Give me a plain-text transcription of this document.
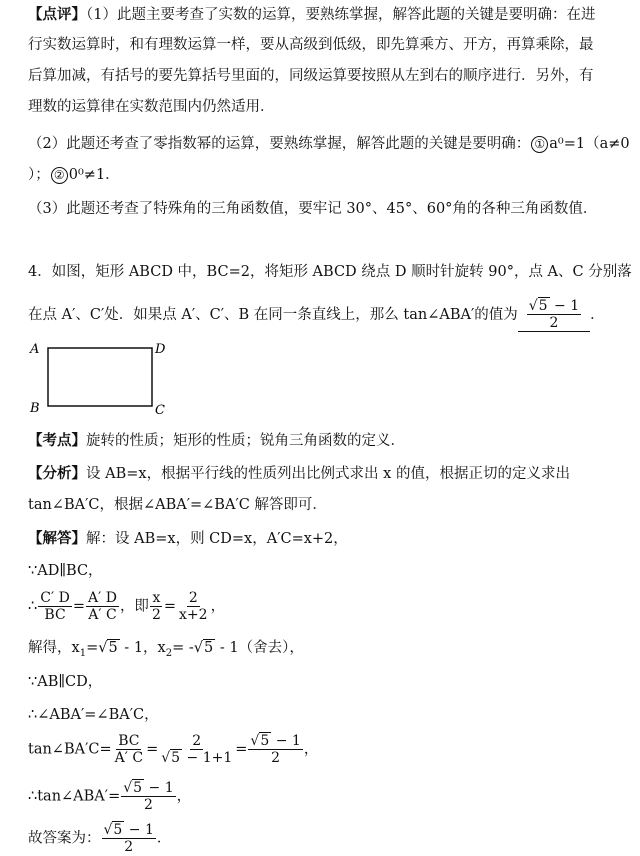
【点评】（1）此题主要考查了实数的运算，要熟练掌握，解答此题的关键是要明确：在进
行实数运算时，和有理数运算一样，要从高级到低级，即先算乘方、开方，再算乘除，最
后算加减，有括号的要先算括号里面的，同级运算要按照从左到右的顺序进行．另外，有
理数的运算律在实数范围内仍然适用．
（2）此题还考查了零指数幂的运算，要熟练掌握，解答此题的关键是要明确： ① a⁰=1（a≠0
）； ② 0⁰≠1．
（3）此题还考查了特殊角的三角函数值，要牢记 30°、45°、60°角的各种三角函数值．
4．如图，矩形 ABCD 中，BC=2，将矩形 ABCD 绕点 D 顺时针旋转 90°，点 A、C 分别落
在点 A′、C′处．如果点 A′、C′、B 在同一条直线上，那么 tan∠ABA′的值为 $\frac{√5 - 1}{2}$ ．
A	D
B	C
【考点】旋转的性质；矩形的性质；锐角三角函数的定义．
【分析】设 AB=x，根据平行线的性质列出比例式求出 x 的值，根据正切的定义求出
tan∠BA′C，根据∠ABA′=∠BA′C 解答即可．
【解答】解：设 AB=x，则 CD=x，A′C=x+2，
∵AD∥BC，
∴ $\frac{C' D}{BC} = \frac{A' D}{A' C}$ ，即 $\frac{x}{2} = \frac{2}{x+2}$ ，
解得，$x_1=√5 - 1$，$x_2= -√5 - 1$（舍去），
∵AB∥CD，
∴∠ABA′=∠BA′C，
tan∠BA′C= $\frac{BC}{A' C} = \frac{2}{√5 - 1+1} = \frac{√5 - 1}{2}$ ，
∴tan∠ABA′= $\frac{√5 - 1}{2}$ ，
故答案为： $\frac{√5 - 1}{2}$ ．
